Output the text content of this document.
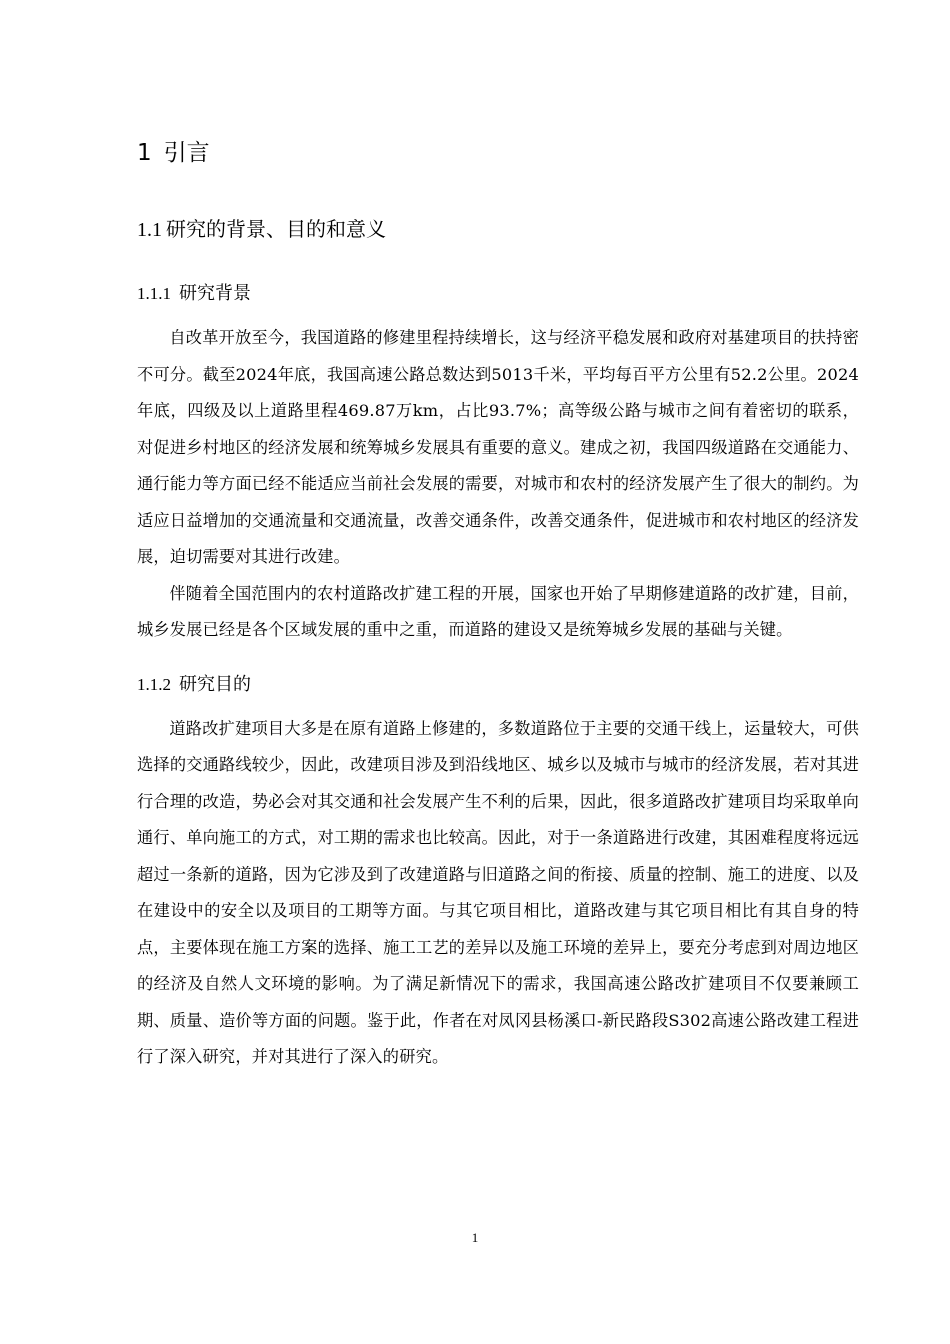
1 引言
1.1 研究的背景、目的和意义
1.1.1 研究背景

自改革开放至今，我国道路的修建里程持续增长，这与经济平稳发展和政府对基建项目的扶持密不可分。截至2024年底，我国高速公路总数达到5013千米，平均每百平方公里有52.2公里。2024年底，四级及以上道路里程469.87万km，占比93.7%；高等级公路与城市之间有着密切的联系，对促进乡村地区的经济发展和统筹城乡发展具有重要的意义。建成之初，我国四级道路在交通能力、通行能力等方面已经不能适应当前社会发展的需要，对城市和农村的经济发展产生了很大的制约。为适应日益增加的交通流量和交通流量，改善交通条件，改善交通条件，促进城市和农村地区的经济发展，迫切需要对其进行改建。

伴随着全国范围内的农村道路改扩建工程的开展，国家也开始了早期修建道路的改扩建，目前，城乡发展已经是各个区域发展的重中之重，而道路的建设又是统筹城乡发展的基础与关键。

1.1.2 研究目的

道路改扩建项目大多是在原有道路上修建的，多数道路位于主要的交通干线上，运量较大，可供选择的交通路线较少，因此，改建项目涉及到沿线地区、城乡以及城市与城市的经济发展，若对其进行合理的改造，势必会对其交通和社会发展产生不利的后果，因此，很多道路改扩建项目均采取单向通行、单向施工的方式，对工期的需求也比较高。因此，对于一条道路进行改建，其困难程度将远远超过一条新的道路，因为它涉及到了改建道路与旧道路之间的衔接、质量的控制、施工的进度、以及在建设中的安全以及项目的工期等方面。与其它项目相比，道路改建与其它项目相比有其自身的特点，主要体现在施工方案的选择、施工工艺的差异以及施工环境的差异上，要充分考虑到对周边地区的经济及自然人文环境的影响。为了满足新情况下的需求，我国高速公路改扩建项目不仅要兼顾工期、质量、造价等方面的问题。鉴于此，作者在对凤冈县杨溪口-新民路段S302高速公路改建工程进行了深入研究，并对其进行了深入的研究。

1
